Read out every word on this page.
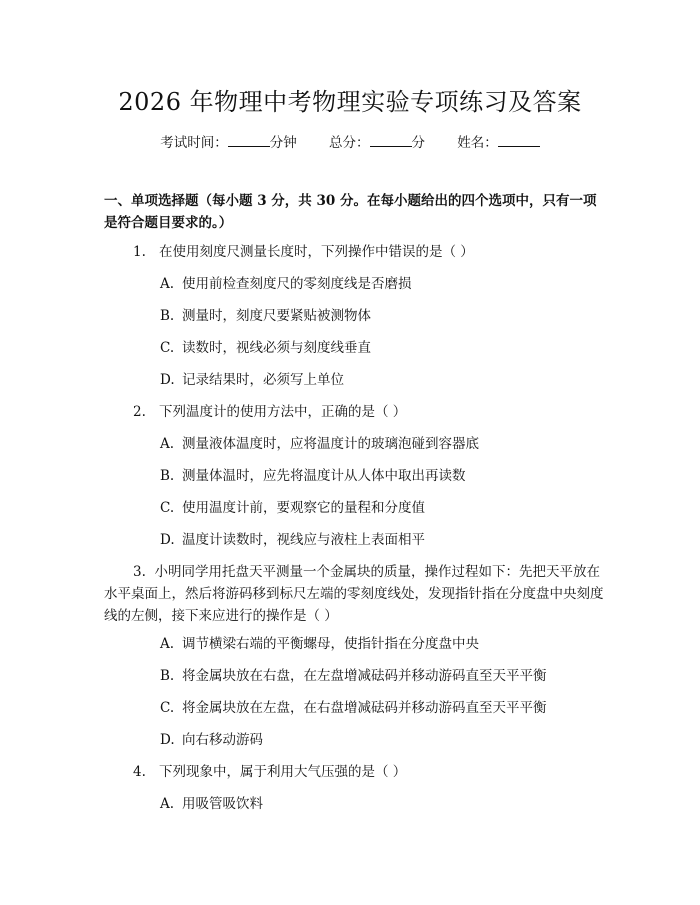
2026 年物理中考物理实验专项练习及答案
考试时间：	分钟 总分：	分 姓名：
一、单项选择题（每小题 3 分，共 30 分。在每小题给出的四个选项中，只有一项是符合题目要求的。）
1. 在使用刻度尺测量长度时，下列操作中错误的是（ ）
A. 使用前检查刻度尺的零刻度线是否磨损
B. 测量时，刻度尺要紧贴被测物体
C. 读数时，视线必须与刻度线垂直
D. 记录结果时，必须写上单位
2. 下列温度计的使用方法中，正确的是（ ）
A. 测量液体温度时，应将温度计的玻璃泡碰到容器底
B. 测量体温时，应先将温度计从人体中取出再读数
C. 使用温度计前，要观察它的量程和分度值
D. 温度计读数时，视线应与液柱上表面相平
3. 小明同学用托盘天平测量一个金属块的质量，操作过程如下：先把天平放在水平桌面上，然后将游码移到标尺左端的零刻度线处，发现指针指在分度盘中央刻度线的左侧，接下来应进行的操作是（ ）
A. 调节横梁右端的平衡螺母，使指针指在分度盘中央
B. 将金属块放在右盘，在左盘增减砝码并移动游码直至天平平衡
C. 将金属块放在左盘，在右盘增减砝码并移动游码直至天平平衡
D. 向右移动游码
4. 下列现象中，属于利用大气压强的是（ ）
A. 用吸管吸饮料
